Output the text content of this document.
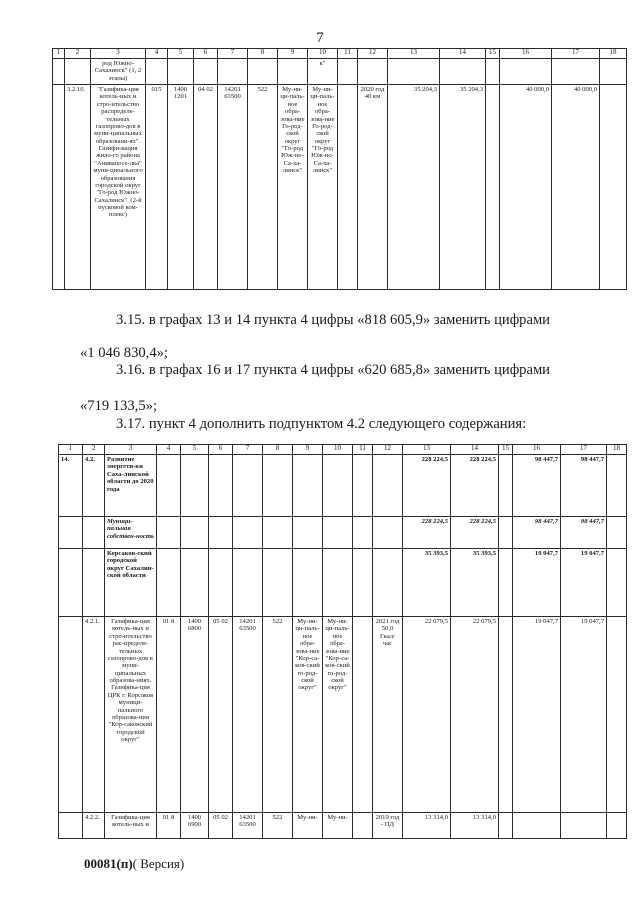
7
1	2	3	4	5	6	7	8	9	10	11	12	13	14	15	16	17	18
		род Южно-Сахалинск" (1, 2 этапы)							к"								
	3.2.10.	"Газифика-ция котель-ных и стро-ительство распределе-тельных газопрово-дов в муни-ципальных образовани-ях". Газифи-кация жило-го района "Анивапосе-лка" муни-ципального образования городской округ "Го-род Южно-Сахалинск". (2-й пусковой ком-плекс)	015	1400 1201	04 02	14201 63500	522	Му-ни-ци-паль-ное обра-зова-ние Го-род-ской округ "Го-род Юж-но-Са-ха-линск"	Му-ни-ци-паль-ное обра-зова-ние Го-род-ской округ "Го-род Юж-но-Са-ха-линск"		2020 год 40 км	35 204,3	35 204,3		40 000,0	40 000,0	
3.15. в графах 13 и 14 пункта 4 цифры «818 605,9» заменить цифрами
«1 046 830,4»;
3.16. в графах 16 и 17 пункта 4 цифры «620 685,8» заменить цифрами
«719 133,5»;
3.17. пункт 4 дополнить подпунктом 4.2 следующего содержания:
1	2	3	4	5	6	7	8	9	10	11	12	13	14	15	16	17	18
14.	4.2.	Развитие энергети-ки Саха-линской области до 2020 года										228 224,5	228 224,5		98 447,7	98 447,7	
		Муници-пальная собствен-ность										228 224,5	228 224,5		98 447,7	98 447,7	
		Корсаков-ский городской округ Сахалин-ской области										35 393,5	35 393,5		19 047,7	19 047,7	
	4.2.1.	Газифика-ция котель-ных и стро-ительство рас-пределе-тельных газопрово-дов в муни-ципальных образова-ниях. Газифика-ция ЦРК г. Корсаков муници-пального образова-ния "Кор-саковский городской округ"	01 8	1400 6800	05 02	14201 63500	522	Му-ни-ци-паль-ное обра-зова-ние "Кор-са-ков-ский го-род-ской округ"	Му-ни-ци-паль-ное обра-зова-ние "Кор-са-ков-ский го-род-ской округ"		2021 год 50,0 Гкал/ час	22 079,5	22 079,5		19 047,7	19 047,7	
	4.2.2.	Газифика-ция котель-ных и	01 8	1400 6900	05 02	14201 63500	522	Му-ни-	Му-ни-		2019 год - ПД	13 314,0	13 314,0				
00081(п)( Версия)
